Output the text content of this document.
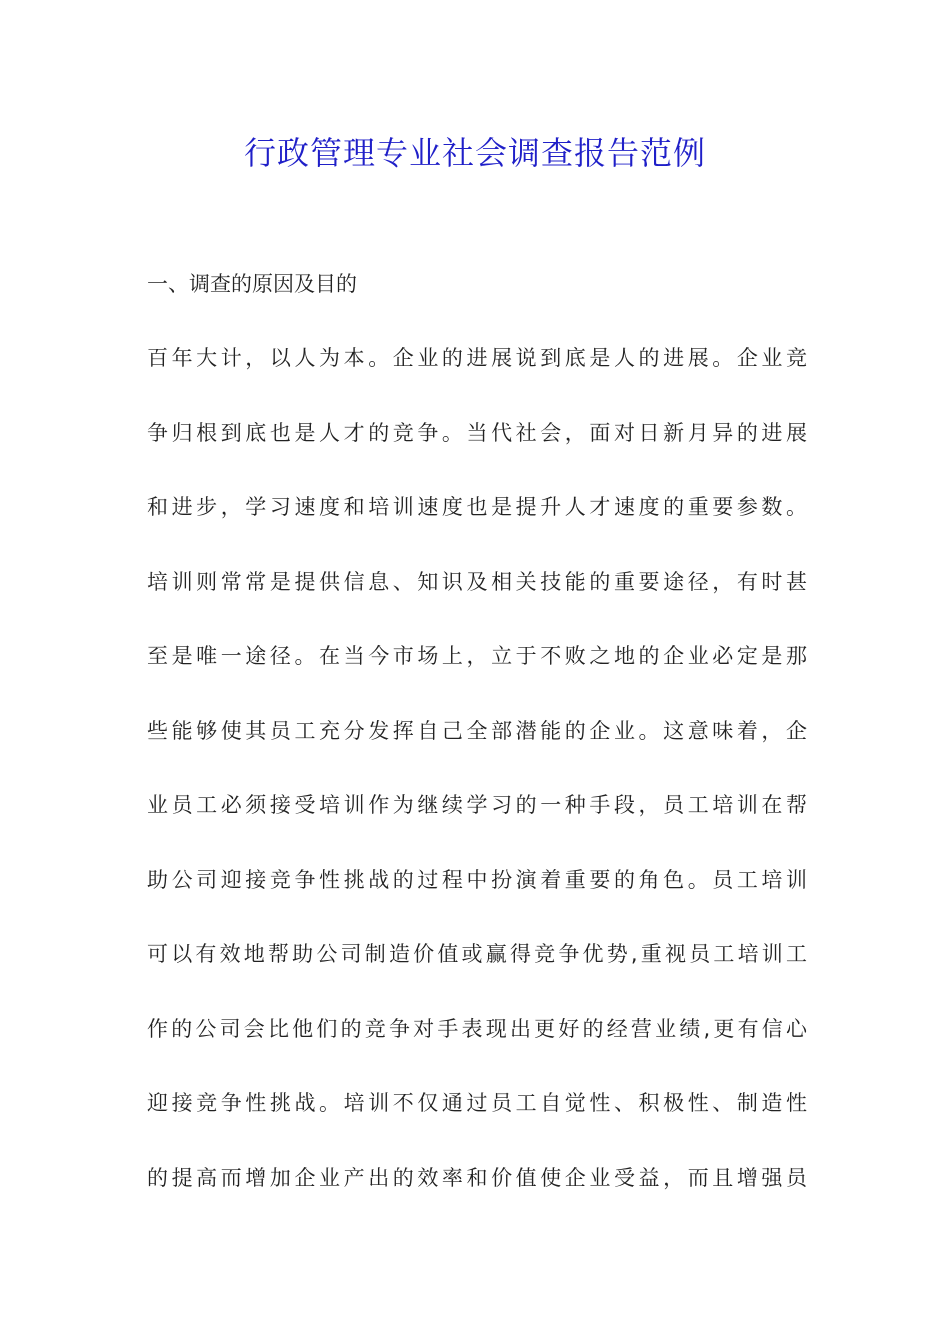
行政管理专业社会调查报告范例
一、调查的原因及目的
百年大计，以人为本。企业的进展说到底是人的进展。企业竞
争归根到底也是人才的竞争。当代社会，面对日新月异的进展
和进步，学习速度和培训速度也是提升人才速度的重要参数。
培训则常常是提供信息、知识及相关技能的重要途径，有时甚
至是唯一途径。在当今市场上，立于不败之地的企业必定是那
些能够使其员工充分发挥自己全部潜能的企业。这意味着，企
业员工必须接受培训作为继续学习的一种手段，员工培训在帮
助公司迎接竞争性挑战的过程中扮演着重要的角色。员工培训
可以有效地帮助公司制造价值或赢得竞争优势,重视员工培训工
作的公司会比他们的竞争对手表现出更好的经营业绩,更有信心
迎接竞争性挑战。培训不仅通过员工自觉性、积极性、制造性
的提高而增加企业产出的效率和价值使企业受益，而且增强员
